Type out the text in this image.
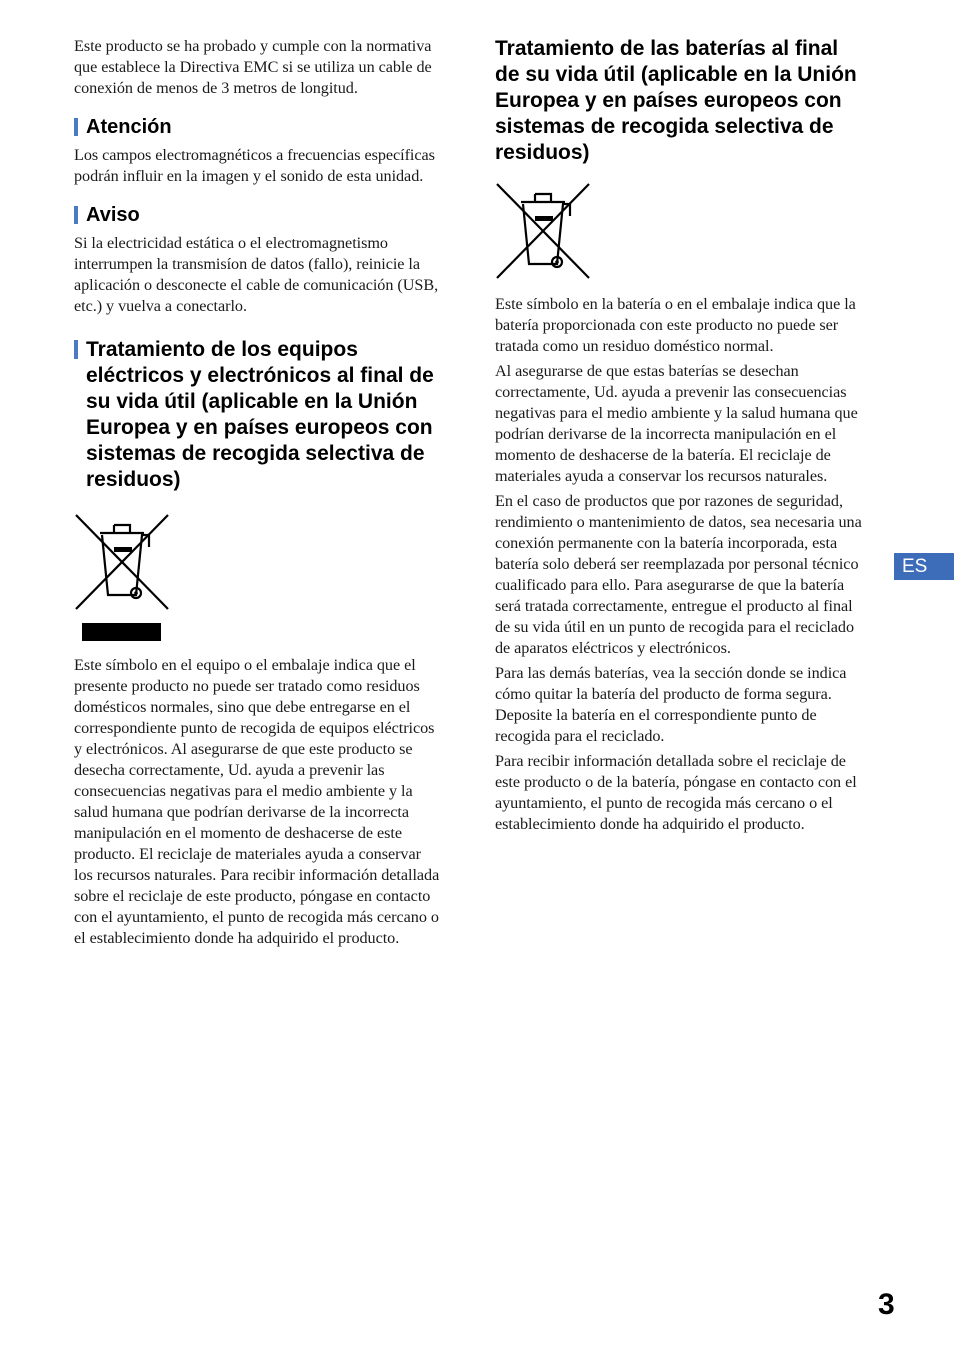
Este producto se ha probado y cumple con la normativa que establece la Directiva EMC si se utiliza un cable de conexión de menos de 3 metros de longitud.

Atención

Los campos electromagnéticos a frecuencias específicas podrán influir en la imagen y el sonido de esta unidad.

Aviso

Si la electricidad estática o el electromagnetismo interrumpen la transmisíon de datos (fallo), reinicie la aplicación o desconecte el cable de comunicación (USB, etc.) y vuelva a conectarlo.

Tratamiento de los equipos eléctricos y electrónicos al final de su vida útil (aplicable en la Unión Europea y en países europeos con sistemas de recogida selectiva de residuos)

Este símbolo en el equipo o el embalaje indica que el presente producto no puede ser tratado como residuos domésticos normales, sino que debe entregarse en el correspondiente punto de recogida de equipos eléctricos y electrónicos. Al asegurarse de que este producto se desecha correctamente, Ud. ayuda a prevenir las consecuencias negativas para el medio ambiente y la salud humana que podrían derivarse de la incorrecta manipulación en el momento de deshacerse de este producto. El reciclaje de materiales ayuda a conservar los recursos naturales. Para recibir información detallada sobre el reciclaje de este producto, póngase en contacto con el ayuntamiento, el punto de recogida más cercano o el establecimiento donde ha adquirido el producto.

Tratamiento de las baterías al final de su vida útil (aplicable en la Unión Europea y en países europeos con sistemas de recogida selectiva de residuos)

Este símbolo en la batería o en el embalaje indica que la batería proporcionada con este producto no puede ser tratada como un residuo doméstico normal.

Al asegurarse de que estas baterías se desechan correctamente, Ud. ayuda a prevenir las consecuencias negativas para el medio ambiente y la salud humana que podrían derivarse de la incorrecta manipulación en el momento de deshacerse de la batería. El reciclaje de materiales ayuda a conservar los recursos naturales.

En el caso de productos que por razones de seguridad, rendimiento o mantenimiento de datos, sea necesaria una conexión permanente con la batería incorporada, esta batería solo deberá ser reemplazada por personal técnico cualificado para ello. Para asegurarse de que la batería será tratada correctamente, entregue el producto al final de su vida útil en un punto de recogida para el reciclado de aparatos eléctricos y electrónicos.

Para las demás baterías, vea la sección donde se indica cómo quitar la batería del producto de forma segura. Deposite la batería en el correspondiente punto de recogida para el reciclado.

Para recibir información detallada sobre el reciclaje de este producto o de la batería, póngase en contacto con el ayuntamiento, el punto de recogida más cercano o el establecimiento donde ha adquirido el producto.

ES
3
